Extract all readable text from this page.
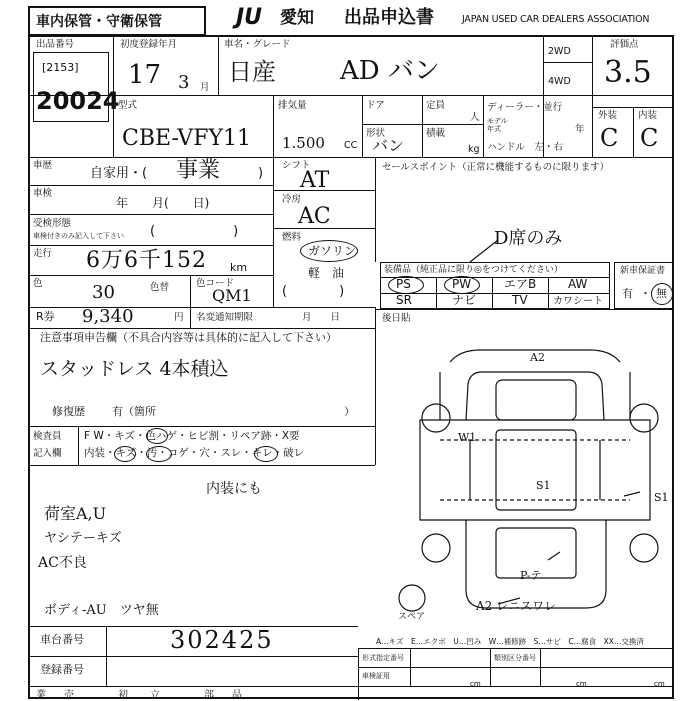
車内保管・守衛保管	JU 愛知 出品申込書	JAPAN USED CAR DEALERS ASSOCIATION
出品番号
[2153]
20024
初度登録年月
17 3 月
車名・グレード
日産 AD バン
2WD
4WD
評価点
3.5
外装 内装
C C
型式
CBE-VFY11
排気量
1.500 CC
ドア	定員
人
形状
バン
積載
kg
ディーラー・並行
モデル年式	年
ハンドル　左・右
車歴
自家用・( 事業	)
車検
年　　月(　　日)
受検形態
車検付きのみ記入して下さい (　　　　　　)
走行 6万6千152 km
色	30	色替	色コード
QM1
シフト
AT
冷房
AC
燃料
ガソリン
軽　油
(　　　　)
セールスポイント（正常に機能するものに限ります）
D席のみ
装備品（純正品に限り◎をつけてください）
PS	PW	エアB	AW
SR	ナビ	TV	カワシート
新車保証書
有 ・ 無
R券 9,340	円 名変通知期限	月　　日	後日貼
注意事項申告欄（不具合内容等は具体的に記入して下さい）
スタッドレス 4本積込
修復歴 有（箇所	）
検査員
記入欄
F W・キズ・色ハゲ・ヒビ割・リペア跡・X要
内装・キズ・汚・コゲ・穴・スレ・キレ・破レ
内装にも
荷室A,U
ヤシテーキズ
AC不良
ボディ-AU　ツヤ無
A2
W1
S1
S1
P-テ
スペア
A2 レニスワレ
A…キズ　E…エクボ　U…凹み　W…補修跡　S…サビ　C…腐食　XX…交換済
車台番号	302425
登録番号
形式指定番号	類別区分番号
車検証用
cm	cm	cm
業 売	初 立	部 品
